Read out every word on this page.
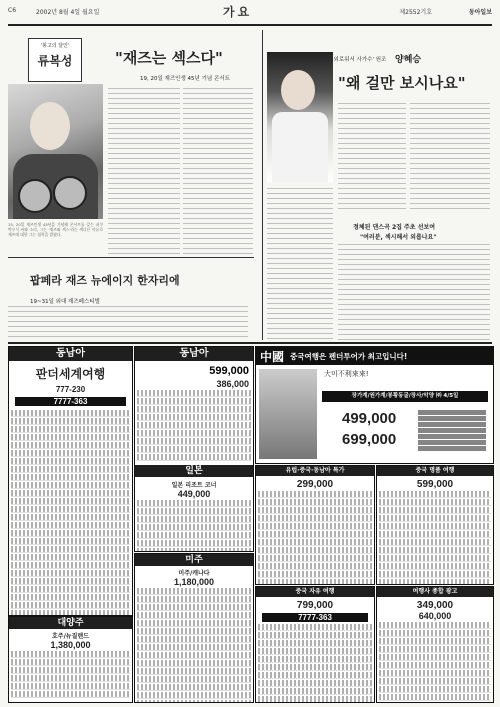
C6	2002년 8월 4일 월요일	가요	제2552기호	동아일보
'봉고의 달인'
류복성
15, 20일 재즈인생 45년을 기념해 콘서트를 갖는 퍼쿠 박우석 씨와 소리, 그는 '재즈와 섹스'라는 색다른 비유로 재즈에 대한 그는 철학을 밝혔다.
"재즈는 섹스다"
19, 20일 재즈인생 45년 기념 콘서트
팝페라 재즈 뉴에이지 한자리에
19~31일 외대 재즈페스티벌
'외로워서 사가수' 원조 양혜승
"왜 걸만 보시나요"
정체된 댄스곡 2집 주초 선보여
"여러분, 섹시해서 외롭나요"
동남아
판더세계여행
777-230
7777-363
동남아
599,000
386,000
일본
일본 리조트 코너
449,000
대양주
호주/뉴질랜드
1,380,000
미주
미주/캐나다
1,180,000
中國 중국여행은 펜더투어가 최고입니다!
大미不利來來!
장가계/원가계/봉황동굴/장사/악양 ㈜ 4/5일
499,000
699,000
유럽·중국·동남아 특가
299,000
중국 명품 여행
599,000
중국 자유 여행
799,000
7777-363
여행사 종합 광고
349,000
640,000
